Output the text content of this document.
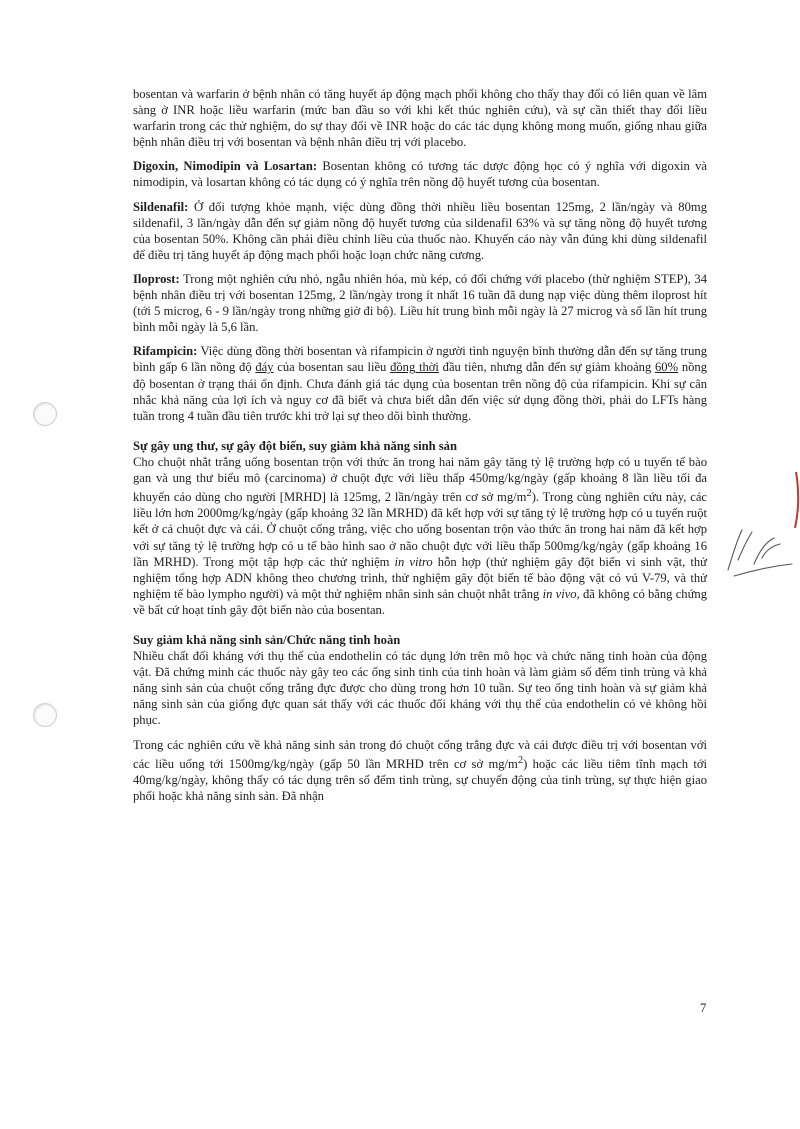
bosentan và warfarin ở bệnh nhân có tăng huyết áp động mạch phổi không cho thấy thay đổi có liên quan về lâm sàng ở INR hoặc liều warfarin (mức ban đầu so với khi kết thúc nghiên cứu), và sự cần thiết thay đổi liều warfarin trong các thử nghiệm, do sự thay đổi về INR hoặc do các tác dụng không mong muốn, giống nhau giữa bệnh nhân điều trị với bosentan và bệnh nhân điều trị với placebo.

Digoxin, Nimodipin và Losartan: Bosentan không có tương tác dược động học có ý nghĩa với digoxin và nimodipin, và losartan không có tác dụng có ý nghĩa trên nồng độ huyết tương của bosentan.

Sildenafil: Ở đối tượng khỏe mạnh, việc dùng đồng thời nhiều liều bosentan 125mg, 2 lần/ngày và 80mg sildenafil, 3 lần/ngày dẫn đến sự giảm nồng độ huyết tương của sildenafil 63% và sự tăng nồng độ huyết tương của bosentan 50%. Không cần phải điều chỉnh liều của thuốc nào. Khuyến cáo này vẫn đúng khi dùng sildenafil để điều trị tăng huyết áp động mạch phổi hoặc loạn chức năng cương.

Iloprost: Trong một nghiên cứu nhỏ, ngẫu nhiên hóa, mù kép, có đối chứng với placebo (thử nghiệm STEP), 34 bệnh nhân điều trị với bosentan 125mg, 2 lần/ngày trong ít nhất 16 tuần đã dung nạp việc dùng thêm iloprost hít (tới 5 microg, 6 - 9 lần/ngày trong những giờ đi bộ). Liều hít trung bình mỗi ngày là 27 microg và số lần hít trung bình mỗi ngày là 5,6 lần.

Rifampicin: Việc dùng đồng thời bosentan và rifampicin ở người tình nguyện bình thường dẫn đến sự tăng trung bình gấp 6 lần nồng độ đáy của bosentan sau liều đồng thời đầu tiên, nhưng dẫn đến sự giảm khoảng 60% nồng độ bosentan ở trạng thái ổn định. Chưa đánh giá tác dụng của bosentan trên nồng độ của rifampicin. Khi sự cân nhắc khả năng của lợi ích và nguy cơ đã biết và chưa biết dẫn đến việc sử dụng đồng thời, phải do LFTs hàng tuần trong 4 tuần đầu tiên trước khi trở lại sự theo dõi bình thường.

Sự gây ung thư, sự gây đột biến, suy giảm khả năng sinh sản

Cho chuột nhắt trắng uống bosentan trộn với thức ăn trong hai năm gây tăng tỷ lệ trường hợp có u tuyến tế bào gan và ung thư biểu mô (carcinoma) ở chuột đực với liều thấp 450mg/kg/ngày (gấp khoảng 8 lần liều tối đa khuyến cáo dùng cho người [MRHD] là 125mg, 2 lần/ngày trên cơ sở $mg/m^2$). Trong cùng nghiên cứu này, các liều lớn hơn 2000mg/kg/ngày (gấp khoảng 32 lần MRHD) đã kết hợp với sự tăng tỷ lệ trường hợp có u tuyến ruột kết ở cả chuột đực và cái. Ở chuột cống trắng, việc cho uống bosentan trộn vào thức ăn trong hai năm đã kết hợp với sự tăng tỷ lệ trường hợp có u tế bào hình sao ở não chuột đực với liều thấp 500mg/kg/ngày (gấp khoảng 16 lần MRHD). Trong một tập hợp các thử nghiệm in vitro hỗn hợp (thử nghiệm gây đột biến vi sinh vật, thử nghiệm tổng hợp ADN không theo chương trình, thử nghiệm gây đột biến tế bào động vật có vú V-79, và thử nghiệm tế bào lympho người) và một thử nghiệm nhân sinh sản chuột nhắt trắng in vivo, đã không có bằng chứng về bất cứ hoạt tính gây đột biến nào của bosentan.

Suy giảm khả năng sinh sản/Chức năng tinh hoàn

Nhiều chất đối kháng với thụ thể của endothelin có tác dụng lớn trên mô học và chức năng tinh hoàn của động vật. Đã chứng minh các thuốc này gây teo các ống sinh tinh của tinh hoàn và làm giảm số đếm tinh trùng và khả năng sinh sản của chuột cống trắng đực được cho dùng trong hơn 10 tuần. Sự teo ống tinh hoàn và sự giảm khả năng sinh sản của giống đực quan sát thấy với các thuốc đối kháng với thụ thể của endothelin có vẻ không hồi phục.

Trong các nghiên cứu về khả năng sinh sản trong đó chuột cống trắng đực và cái được điều trị với bosentan với các liều uống tới 1500mg/kg/ngày (gấp 50 lần MRHD trên cơ sở $mg/m^2$) hoặc các liều tiêm tĩnh mạch tới 40mg/kg/ngày, không thấy có tác dụng trên số đếm tinh trùng, sự chuyển động của tinh trùng, sự thực hiện giao phối hoặc khả năng sinh sản. Đã nhận

7
